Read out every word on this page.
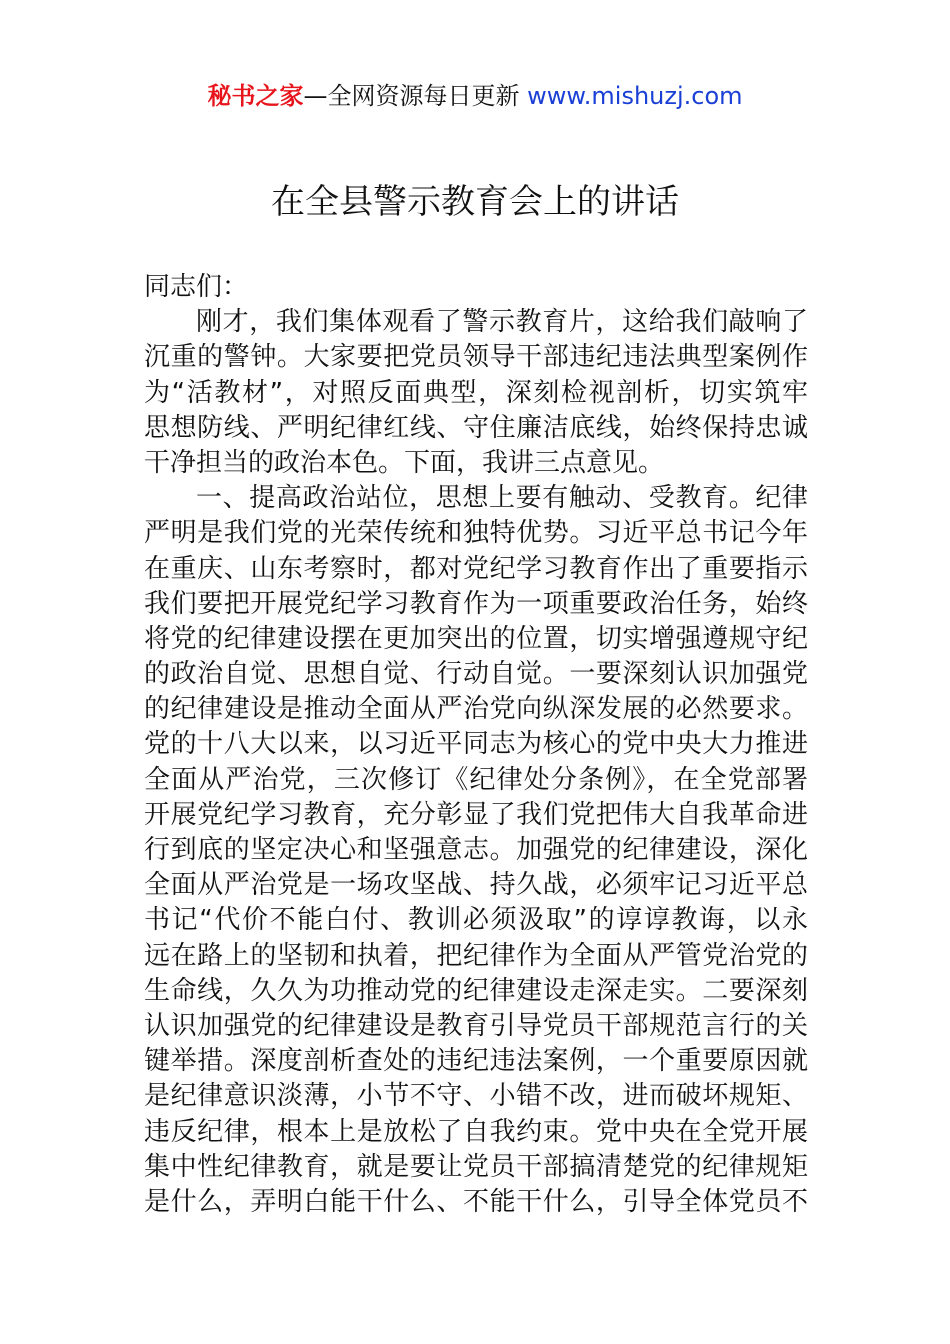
秘书之家—全网资源每日更新 www.mishuzj.com
在全县警示教育会上的讲话
同志们：
刚才，我们集体观看了警示教育片，这给我们敲响了
沉重的警钟。大家要把党员领导干部违纪违法典型案例作
为“活教材”，对照反面典型，深刻检视剖析，切实筑牢
思想防线、严明纪律红线、守住廉洁底线，始终保持忠诚
干净担当的政治本色。下面，我讲三点意见。
一、提高政治站位，思想上要有触动、受教育。纪律
严明是我们党的光荣传统和独特优势。习近平总书记今年
在重庆、山东考察时，都对党纪学习教育作出了重要指示
我们要把开展党纪学习教育作为一项重要政治任务，始终
将党的纪律建设摆在更加突出的位置，切实增强遵规守纪
的政治自觉、思想自觉、行动自觉。一要深刻认识加强党
的纪律建设是推动全面从严治党向纵深发展的必然要求。
党的十八大以来，以习近平同志为核心的党中央大力推进
全面从严治党，三次修订《纪律处分条例》，在全党部署
开展党纪学习教育，充分彰显了我们党把伟大自我革命进
行到底的坚定决心和坚强意志。加强党的纪律建设，深化
全面从严治党是一场攻坚战、持久战，必须牢记习近平总
书记“代价不能白付、教训必须汲取”的谆谆教诲，以永
远在路上的坚韧和执着，把纪律作为全面从严管党治党的
生命线，久久为功推动党的纪律建设走深走实。二要深刻
认识加强党的纪律建设是教育引导党员干部规范言行的关
键举措。深度剖析查处的违纪违法案例，一个重要原因就
是纪律意识淡薄，小节不守、小错不改，进而破坏规矩、
违反纪律，根本上是放松了自我约束。党中央在全党开展
集中性纪律教育，就是要让党员干部搞清楚党的纪律规矩
是什么，弄明白能干什么、不能干什么，引导全体党员不
